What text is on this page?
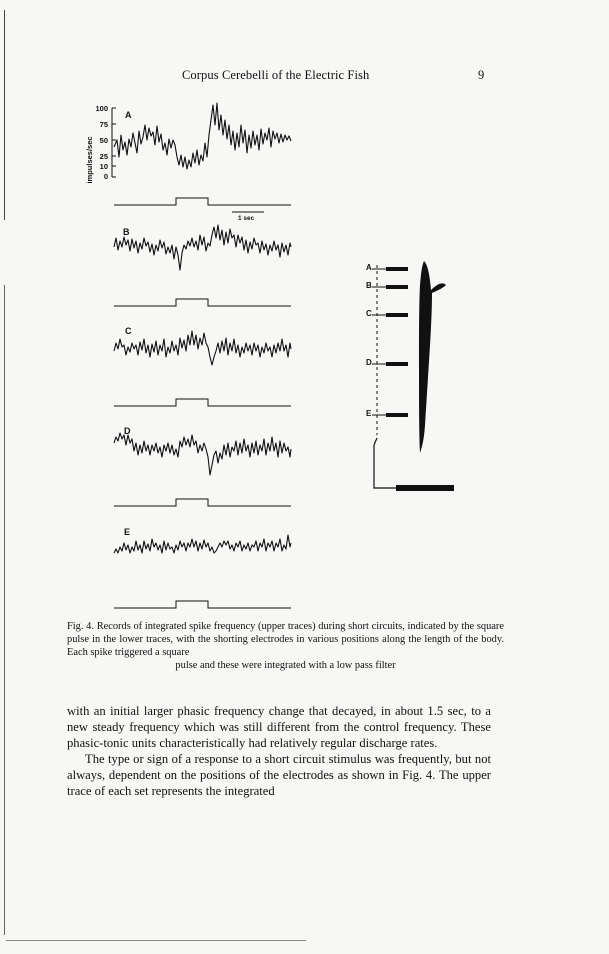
Corpus Cerebelli of the Electric Fish	9
impulses/sec
100
75
50
25
10
0
A
B
C
D
E
1 sec
A
B
C
D
E
Fig. 4. Records of integrated spike frequency (upper traces) during short circuits, indicated by the square pulse in the lower traces, with the shorting electrodes in various positions along the length of the body. Each spike triggered a square
pulse and these were integrated with a low pass filter

with an initial larger phasic frequency change that decayed, in about 1.5 sec, to a new steady frequency which was still different from the control frequency. These phasic-tonic units characteristically had relatively regular discharge rates.

The type or sign of a response to a short circuit stimulus was frequently, but not always, dependent on the positions of the electrodes as shown in Fig. 4. The upper trace of each set represents the integrated
